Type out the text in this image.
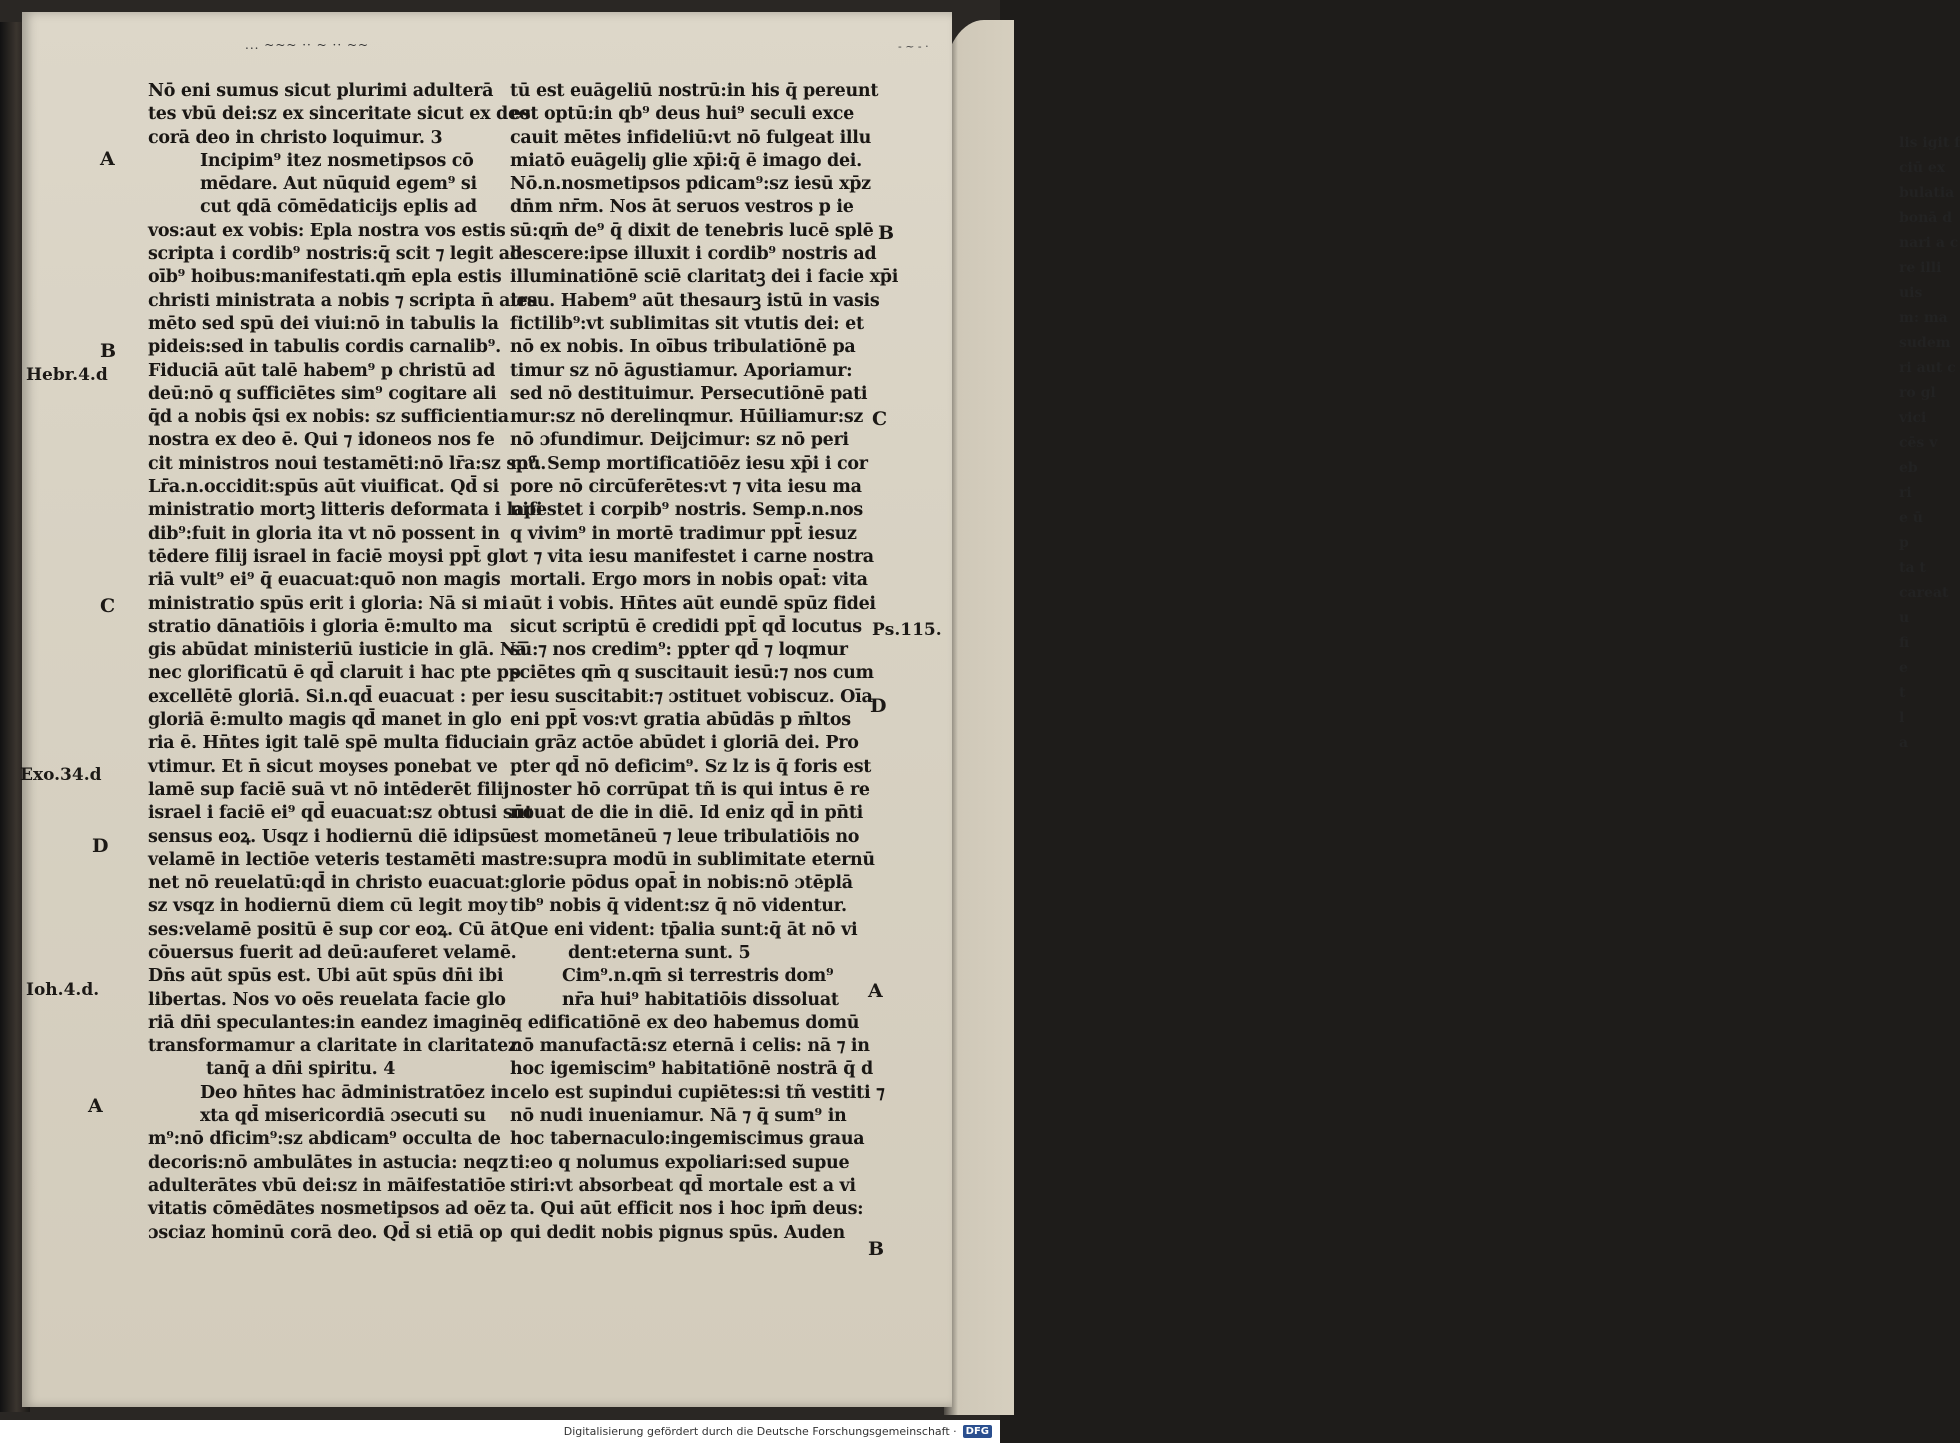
lis igit f
ciū ex
bulatia
bonā d
nari a c
re illi
uis
m: ma
sudem
ri aut c
ro gl
vici
cēs v
eb
ri
e ū
p
ta t
careat
u
fi
e
t
l
a
... ~~~ ·· ~ ·· ~~	- ~ - ·
Nō eni sumus sicut plurimi adulterā
tes vbū dei:sz ex sinceritate sicut ex deo
corā deo in christo loquimur. 3
Incipim⁹ itez nosmetipsos cō
mēdare. Aut nūquid egem⁹ si
cut qdā cōmēdaticijs eplis ad
vos:aut ex vobis: Epla nostra vos estis
scripta i cordib⁹ nostris:q̄ scit ⁊ legit ab
oīb⁹ hoibus:manifestati.qm̄ epla estis
christi ministrata a nobis ⁊ scripta n̄ atra
mēto sed spū dei viui:nō in tabulis la
pideis:sed in tabulis cordis carnalib⁹.
Fiduciā aūt talē habem⁹ p christū ad
deū:nō q sufficiētes sim⁹ cogitare ali
q̄d a nobis q̄si ex nobis: sz sufficientia
nostra ex deo ē. Qui ⁊ idoneos nos fe
cit ministros noui testamēti:nō lr̄a:sz spū.
Lr̄a.n.occidit:spūs aūt viuificat. Qd̄ si
ministratio mortꝫ litteris deformata i lapi
dib⁹:fuit in gloria ita vt nō possent in
tēdere filij israel in faciē moysi ppt̄ glo
riā vult⁹ ei⁹ q̄ euacuat:quō non magis
ministratio spūs erit i gloria: Nā si mi
stratio dānatiōis i gloria ē:multo ma
gis abūdat ministeriū iusticie in glā. Nā
nec glorificatū ē qd̄ claruit i hac pte pp
excellētē gloriā. Si.n.qd̄ euacuat : per
gloriā ē:multo magis qd̄ manet in glo
ria ē. Hn̄tes igit talē spē multa fiducia
vtimur. Et n̄ sicut moyses ponebat ve
lamē sup faciē suā vt nō intēderēt filij
israel i faciē ei⁹ qd̄ euacuat:sz obtusi sūt
sensus eoꝝ. Usqz i hodiernū diē idipsū
velamē in lectiōe veteris testamēti ma
net nō reuelatū:qd̄ in christo euacuat:
sz vsqz in hodiernū diem cū legit moy
ses:velamē positū ē sup cor eoꝝ. Cū āt
cōuersus fuerit ad deū:auferet velamē.
Dn̄s aūt spūs est. Ubi aūt spūs dn̄i ibi
libertas. Nos vo oēs reuelata facie glo
riā dn̄i speculantes:in eandez imaginē
transformamur a claritate in claritatez
tanq̄ a dn̄i spiritu. 4
Deo hn̄tes hac ādministratōez in
xta qd̄ misericordiā ɔsecuti su
m⁹:nō dficim⁹:sz abdicam⁹ occulta de
decoris:nō ambulātes in astucia: neqz
adulterātes vbū dei:sz in māifestatiōe
vitatis cōmēdātes nosmetipsos ad oēz
ɔsciaz hominū corā deo. Qd̄ si etiā op
tū est euāgeliū nostrū:in his q̄ pereunt
est optū:in qb⁹ deus hui⁹ seculi exce
cauit mētes infideliū:vt nō fulgeat illu
miatō euāgeliȷ glie xp̄i:q̄ ē imago dei.
Nō.n.nosmetipsos pdicam⁹:sz iesū xp̄z
dn̄m nr̄m. Nos āt seruos vestros p ie
sū:qm̄ de⁹ q̄ dixit de tenebris lucē splē
descere:ipse illuxit i cordib⁹ nostris ad
illuminatiōnē sciē claritatꝫ dei i facie xp̄i
iesu. Habem⁹ aūt thesaurꝫ istū in vasis
fictilib⁹:vt sublimitas sit vtutis dei: et
nō ex nobis. In oībus tribulatiōnē pa
timur sz nō āgustiamur. Aporiamur:
sed nō destituimur. Persecutiōnē pati
mur:sz nō derelinqmur. Hūiliamur:sz
nō ɔfundimur. Deijcimur: sz nō peri
m⁹. Semp mortificatiōēz iesu xp̄i i cor
pore nō circūferētes:vt ⁊ vita iesu ma
nifestet i corpib⁹ nostris. Semp.n.nos
q vivim⁹ in mortē tradimur ppt̄ iesuz
vt ⁊ vita iesu manifestet i carne nostra
mortali. Ergo mors in nobis opat̄: vita
aūt i vobis. Hn̄tes aūt eundē spūz fidei
sicut scriptū ē credidi ppt̄ qd̄ locutus
sū:⁊ nos credim⁹: ppter qd̄ ⁊ loqmur
sciētes qm̄ q suscitauit iesū:⁊ nos cum
iesu suscitabit:⁊ ɔstituet vobiscuz. Oīa
eni ppt̄ vos:vt gratia abūdās p m̄ltos
in grāz actōe abūdet i gloriā dei. Pro
pter qd̄ nō deficim⁹. Sz lz is q̄ foris est
noster hō corrūpat tñ is qui intus ē re
nouat de die in diē. Id eniz qd̄ in pn̄ti
est mometāneū ⁊ leue tribulatiōis no
stre:supra modū in sublimitate eternū
glorie pōdus opat̄ in nobis:nō ɔtēplā
tib⁹ nobis q̄ vident:sz q̄ nō videntur.
Que eni vident: tp̄alia sunt:q̄ āt nō vi
dent:eterna sunt. 5
Cim⁹.n.qm̄ si terrestris dom⁹
nr̄a hui⁹ habitatiōis dissoluat
q edificatiōnē ex deo habemus domū
nō manufactā:sz eternā i celis: nā ⁊ in
hoc igemiscim⁹ habitatiōnē nostrā q̄ d
celo est supindui cupiētes:si tñ vestiti ⁊
nō nudi inueniamur. Nā ⁊ q̄ sum⁹ in
hoc tabernaculo:ingemiscimus graua
ti:eo q nolumus expoliari:sed supue
stiri:vt absorbeat qd̄ mortale est a vi
ta. Qui aūt efficit nos i hoc ipm̄ deus:
qui dedit nobis pignus spūs. Auden
A
B
Hebr.4.d
C
Exo.34.d
D
Ioh.4.d.
A
B
C
Ps.115.
D
A
B
Digitalisierung gefördert durch die Deutsche Forschungsgemeinschaft · DFG
